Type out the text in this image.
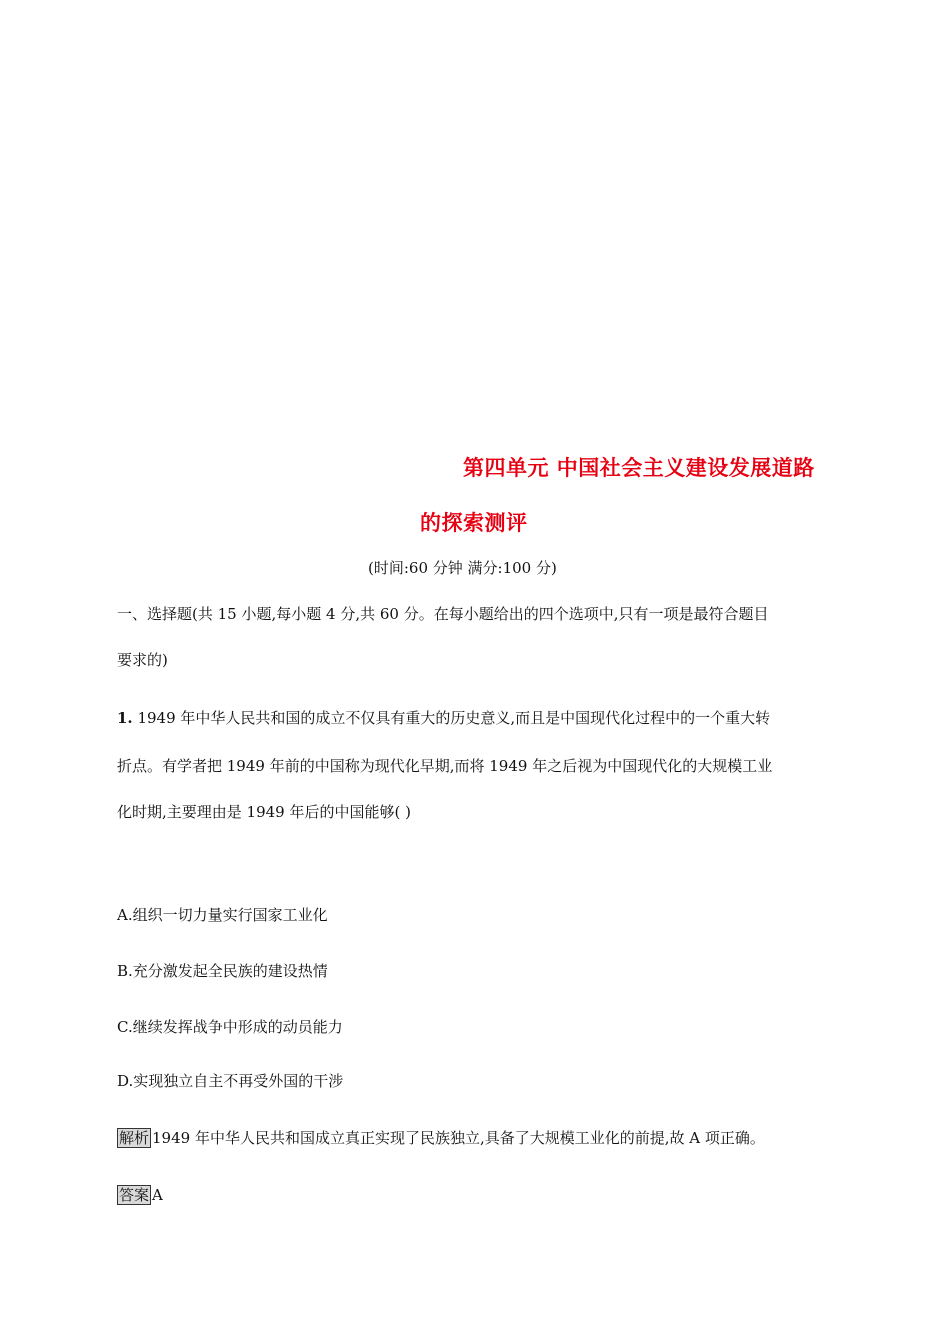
第四单元 中国社会主义建设发展道路
的探索测评
(时间:60 分钟 满分:100 分)
一、选择题(共 15 小题,每小题 4 分,共 60 分。在每小题给出的四个选项中,只有一项是最符合题目
要求的)
1. 1949 年中华人民共和国的成立不仅具有重大的历史意义,而且是中国现代化过程中的一个重大转
折点。有学者把 1949 年前的中国称为现代化早期,而将 1949 年之后视为中国现代化的大规模工业
化时期,主要理由是 1949 年后的中国能够( )
A.组织一切力量实行国家工业化
B.充分激发起全民族的建设热情
C.继续发挥战争中形成的动员能力
D.实现独立自主不再受外国的干涉
解析 1949 年中华人民共和国成立真正实现了民族独立,具备了大规模工业化的前提,故 A 项正确。
答案 A
